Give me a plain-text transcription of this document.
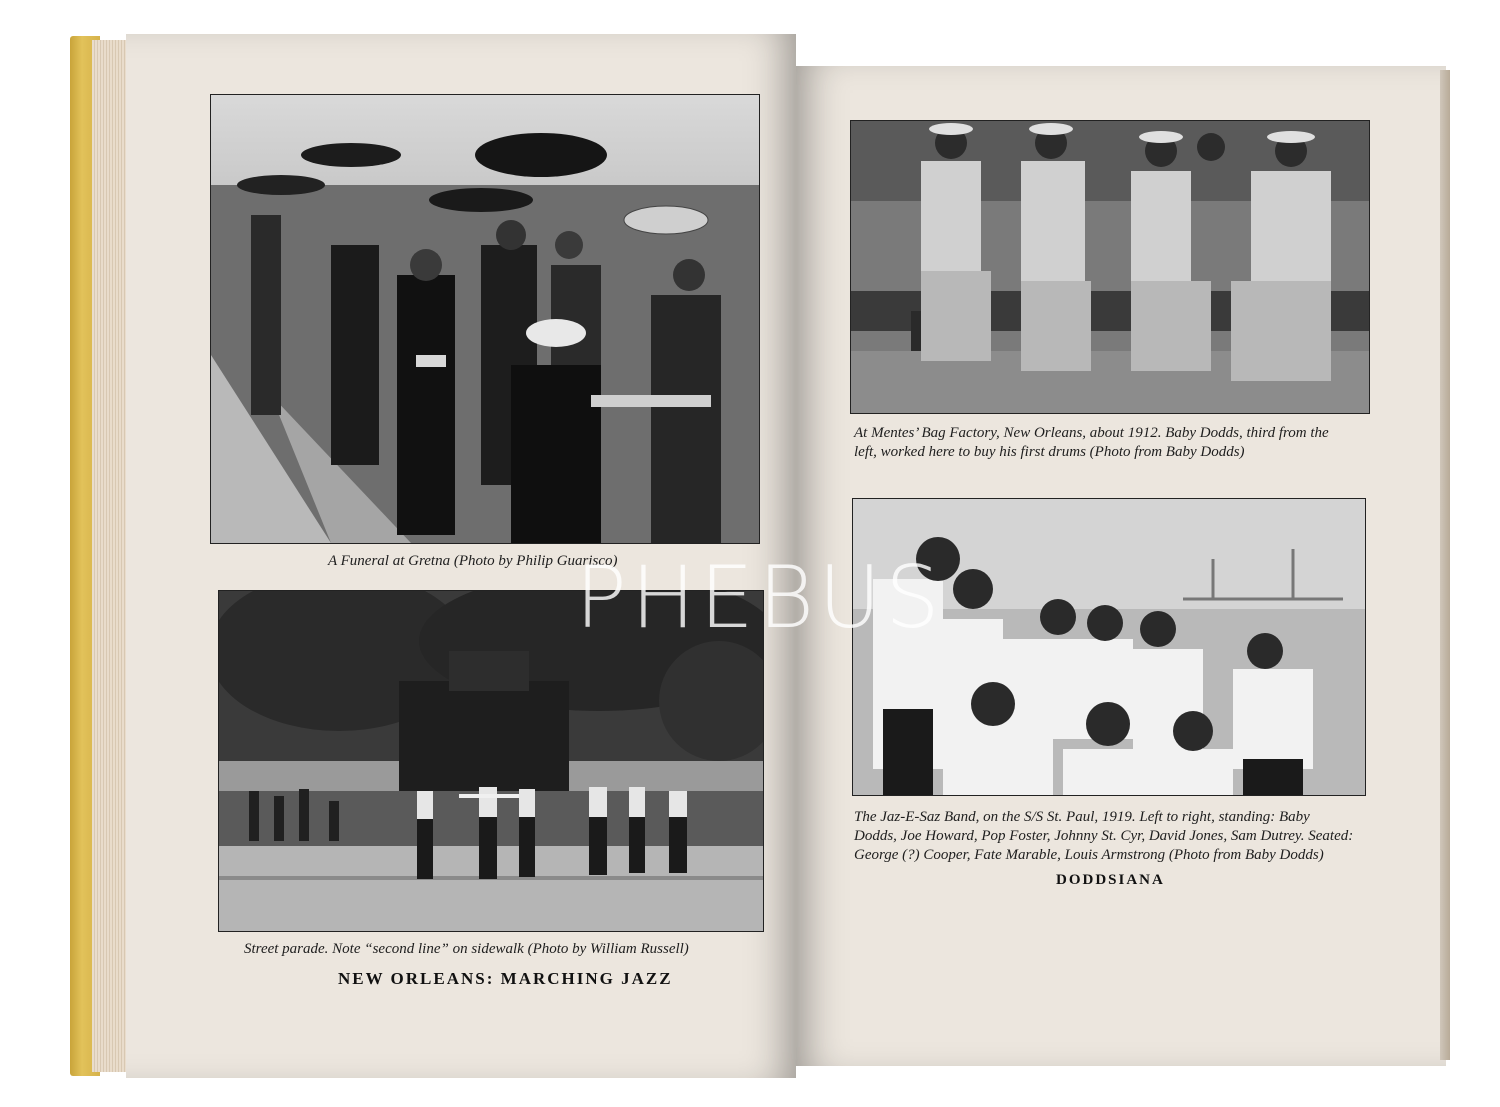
A Funeral at Gretna (Photo by Philip Guarisco)
Street parade. Note “second line” on sidewalk (Photo by William Russell)
NEW ORLEANS: MARCHING JAZZ
At Mentes’ Bag Factory, New Orleans, about 1912. Baby Dodds, third from the
left, worked here to buy his first drums (Photo from Baby Dodds)
The Jaz-E-Saz Band, on the S/S St. Paul, 1919. Left to right, standing: Baby
Dodds, Joe Howard, Pop Foster, Johnny St. Cyr, David Jones, Sam Dutrey. Seated:
George (?) Cooper, Fate Marable, Louis Armstrong (Photo from Baby Dodds)
DODDSIANA
PHEBUS
